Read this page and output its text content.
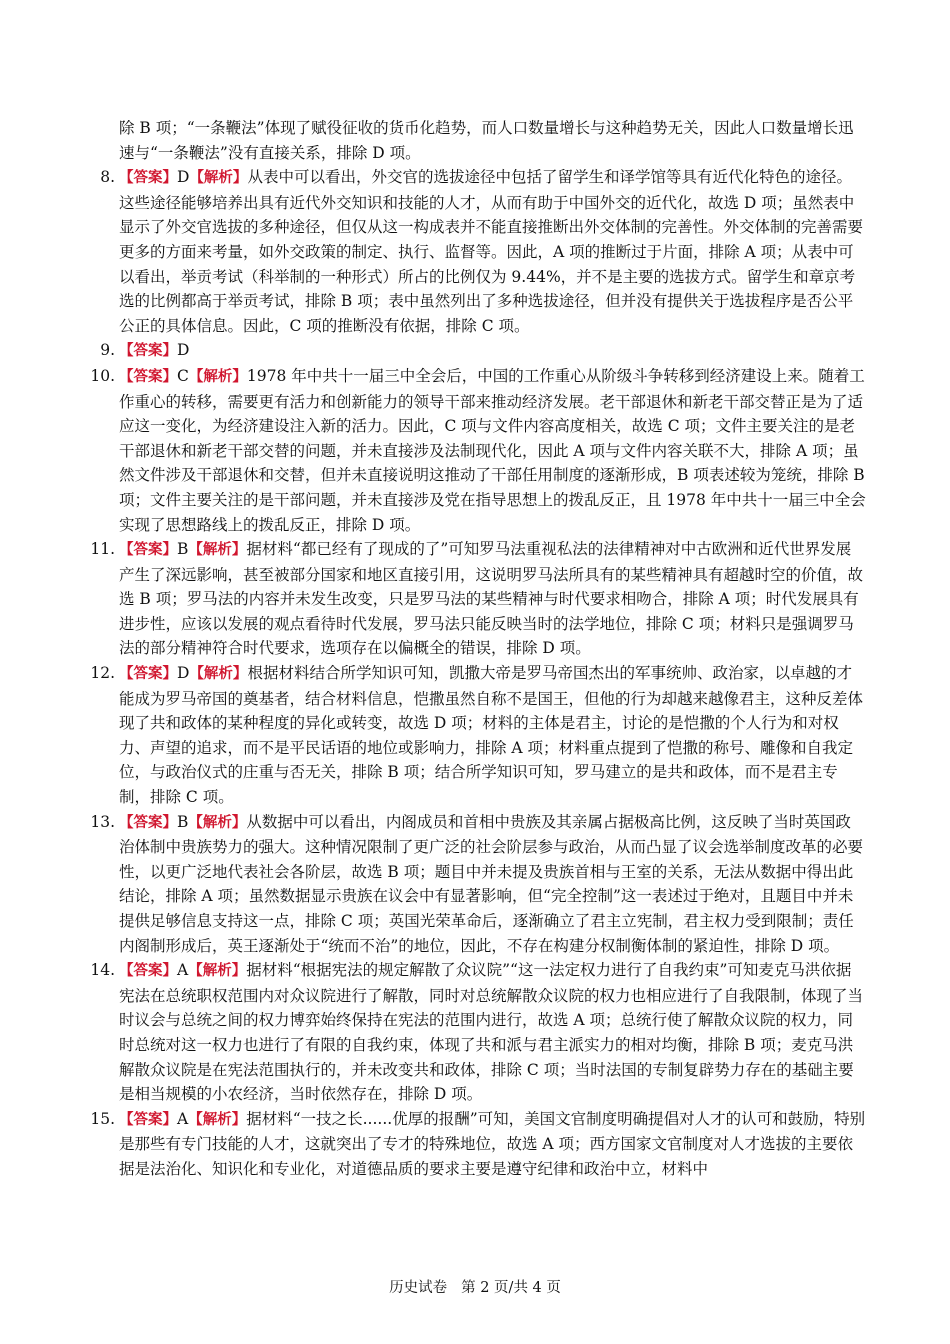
除 B 项；“一条鞭法”体现了赋役征收的货币化趋势，而人口数量增长与这种趋势无关，因此人口数量增长迅速与“一条鞭法”没有直接关系，排除 D 项。
8. 【答案】D【解析】从表中可以看出，外交官的选拔途径中包括了留学生和译学馆等具有近代化特色的途径。这些途径能够培养出具有近代外交知识和技能的人才，从而有助于中国外交的近代化，故选 D 项；虽然表中显示了外交官选拔的多种途径，但仅从这一构成表并不能直接推断出外交体制的完善性。外交体制的完善需要更多的方面来考量，如外交政策的制定、执行、监督等。因此，A 项的推断过于片面，排除 A 项；从表中可以看出，举贡考试（科举制的一种形式）所占的比例仅为 9.44%，并不是主要的选拔方式。留学生和章京考选的比例都高于举贡考试，排除 B 项；表中虽然列出了多种选拔途径，但并没有提供关于选拔程序是否公平公正的具体信息。因此，C 项的推断没有依据，排除 C 项。
9. 【答案】D
10. 【答案】C【解析】1978 年中共十一届三中全会后，中国的工作重心从阶级斗争转移到经济建设上来。随着工作重心的转移，需要更有活力和创新能力的领导干部来推动经济发展。老干部退休和新老干部交替正是为了适应这一变化，为经济建设注入新的活力。因此，C 项与文件内容高度相关，故选 C 项；文件主要关注的是老干部退休和新老干部交替的问题，并未直接涉及法制现代化，因此 A 项与文件内容关联不大，排除 A 项；虽然文件涉及干部退休和交替，但并未直接说明这推动了干部任用制度的逐渐形成，B 项表述较为笼统，排除 B 项；文件主要关注的是干部问题，并未直接涉及党在指导思想上的拨乱反正，且 1978 年中共十一届三中全会实现了思想路线上的拨乱反正，排除 D 项。
11. 【答案】B【解析】据材料“都已经有了现成的了”可知罗马法重视私法的法律精神对中古欧洲和近代世界发展产生了深远影响，甚至被部分国家和地区直接引用，这说明罗马法所具有的某些精神具有超越时空的价值，故选 B 项；罗马法的内容并未发生改变，只是罗马法的某些精神与时代要求相吻合，排除 A 项；时代发展具有进步性，应该以发展的观点看待时代发展，罗马法只能反映当时的法学地位，排除 C 项；材料只是强调罗马法的部分精神符合时代要求，选项存在以偏概全的错误，排除 D 项。
12. 【答案】D【解析】根据材料结合所学知识可知，凯撒大帝是罗马帝国杰出的军事统帅、政治家，以卓越的才能成为罗马帝国的奠基者，结合材料信息，恺撒虽然自称不是国王，但他的行为却越来越像君主，这种反差体现了共和政体的某种程度的异化或转变，故选 D 项；材料的主体是君主，讨论的是恺撒的个人行为和对权力、声望的追求，而不是平民话语的地位或影响力，排除 A 项；材料重点提到了恺撒的称号、雕像和自我定位，与政治仪式的庄重与否无关，排除 B 项；结合所学知识可知，罗马建立的是共和政体，而不是君主专制，排除 C 项。
13. 【答案】B【解析】从数据中可以看出，内阁成员和首相中贵族及其亲属占据极高比例，这反映了当时英国政治体制中贵族势力的强大。这种情况限制了更广泛的社会阶层参与政治，从而凸显了议会选举制度改革的必要性，以更广泛地代表社会各阶层，故选 B 项；题目中并未提及贵族首相与王室的关系，无法从数据中得出此结论，排除 A 项；虽然数据显示贵族在议会中有显著影响，但“完全控制”这一表述过于绝对，且题目中并未提供足够信息支持这一点，排除 C 项；英国光荣革命后，逐渐确立了君主立宪制，君主权力受到限制；责任内阁制形成后，英王逐渐处于“统而不治”的地位，因此，不存在构建分权制衡体制的紧迫性，排除 D 项。
14. 【答案】A【解析】据材料“根据宪法的规定解散了众议院”“这一法定权力进行了自我约束”可知麦克马洪依据宪法在总统职权范围内对众议院进行了解散，同时对总统解散众议院的权力也相应进行了自我限制，体现了当时议会与总统之间的权力博弈始终保持在宪法的范围内进行，故选 A 项；总统行使了解散众议院的权力，同时总统对这一权力也进行了有限的自我约束，体现了共和派与君主派实力的相对均衡，排除 B 项；麦克马洪解散众议院是在宪法范围执行的，并未改变共和政体，排除 C 项；当时法国的专制复辟势力存在的基础主要是相当规模的小农经济，当时依然存在，排除 D 项。
15. 【答案】A【解析】据材料“一技之长......优厚的报酬”可知，美国文官制度明确提倡对人才的认可和鼓励，特别是那些有专门技能的人才，这就突出了专才的特殊地位，故选 A 项；西方国家文官制度对人才选拔的主要依据是法治化、知识化和专业化，对道德品质的要求主要是遵守纪律和政治中立，材料中
历史试卷 第 2 页/共 4 页
